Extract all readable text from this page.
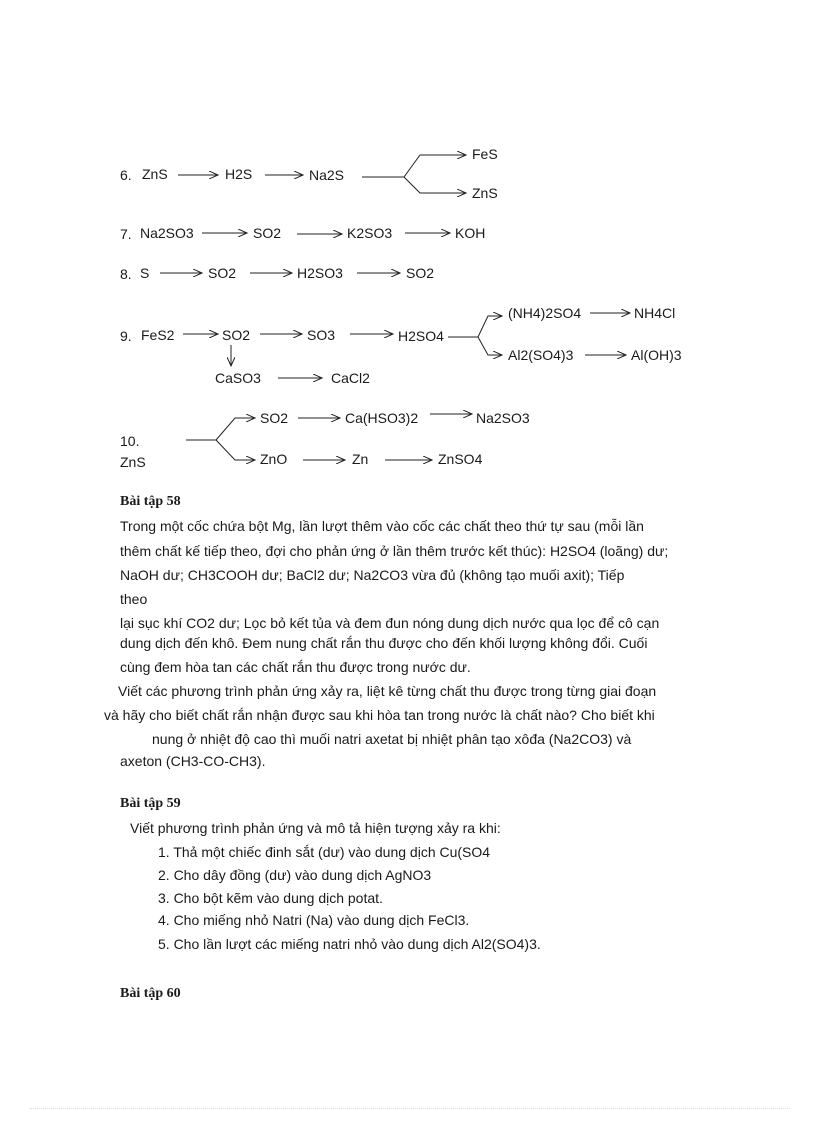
6. ZnS	H2S	Na2S
FeS
ZnS
7. Na2SO3	SO2	K2SO3	KOH
8. S	SO2	H2SO3	SO2
9. FeS2	SO2	SO3	H2SO4
(NH4)2SO4	NH4Cl
Al2(SO4)3	Al(OH)3
CaSO3	CaCl2
10.
ZnS
SO2	Ca(HSO3)2	Na2SO3
ZnO	Zn	ZnSO4
Bài tập 58
Trong một cốc chứa bột Mg, lần lượt thêm vào cốc các chất theo thứ tự sau (mỗi lần
thêm chất kế tiếp theo, đợi cho phản ứng ở lần thêm trước kết thúc): H2SO4 (loãng) dư;
NaOH dư; CH3COOH dư; BaCl2 dư; Na2CO3 vừa đủ (không tạo muối axit); Tiếp
theo
lại sục khí CO2 dư; Lọc bỏ kết tủa và đem đun nóng dung dịch nước qua lọc để cô cạn
dung dịch đến khô. Đem nung chất rắn thu được cho đến khối lượng không đổi. Cuối
cùng đem hòa tan các chất rắn thu được trong nước dư.
Viết các phương trình phản ứng xảy ra, liệt kê từng chất thu được trong từng giai đoạn
và hãy cho biết chất rắn nhận được sau khi hòa tan trong nước là chất nào? Cho biết khi
nung ở nhiệt độ cao thì muối natri axetat bị nhiệt phân tạo xôđa (Na2CO3) và
axeton (CH3-CO-CH3).
Bài tập 59
Viết phương trình phản ứng và mô tả hiện tượng xảy ra khi:
1. Thả một chiếc đinh sắt (dư) vào dung dịch Cu(SO4
2. Cho dây đồng (dư) vào dung dịch AgNO3
3. Cho bột kẽm vào dung dịch potat.
4. Cho miếng nhỏ Natri (Na) vào dung dịch FeCl3.
5. Cho lần lượt các miếng natri nhỏ vào dung dịch Al2(SO4)3.
Bài tập 60
